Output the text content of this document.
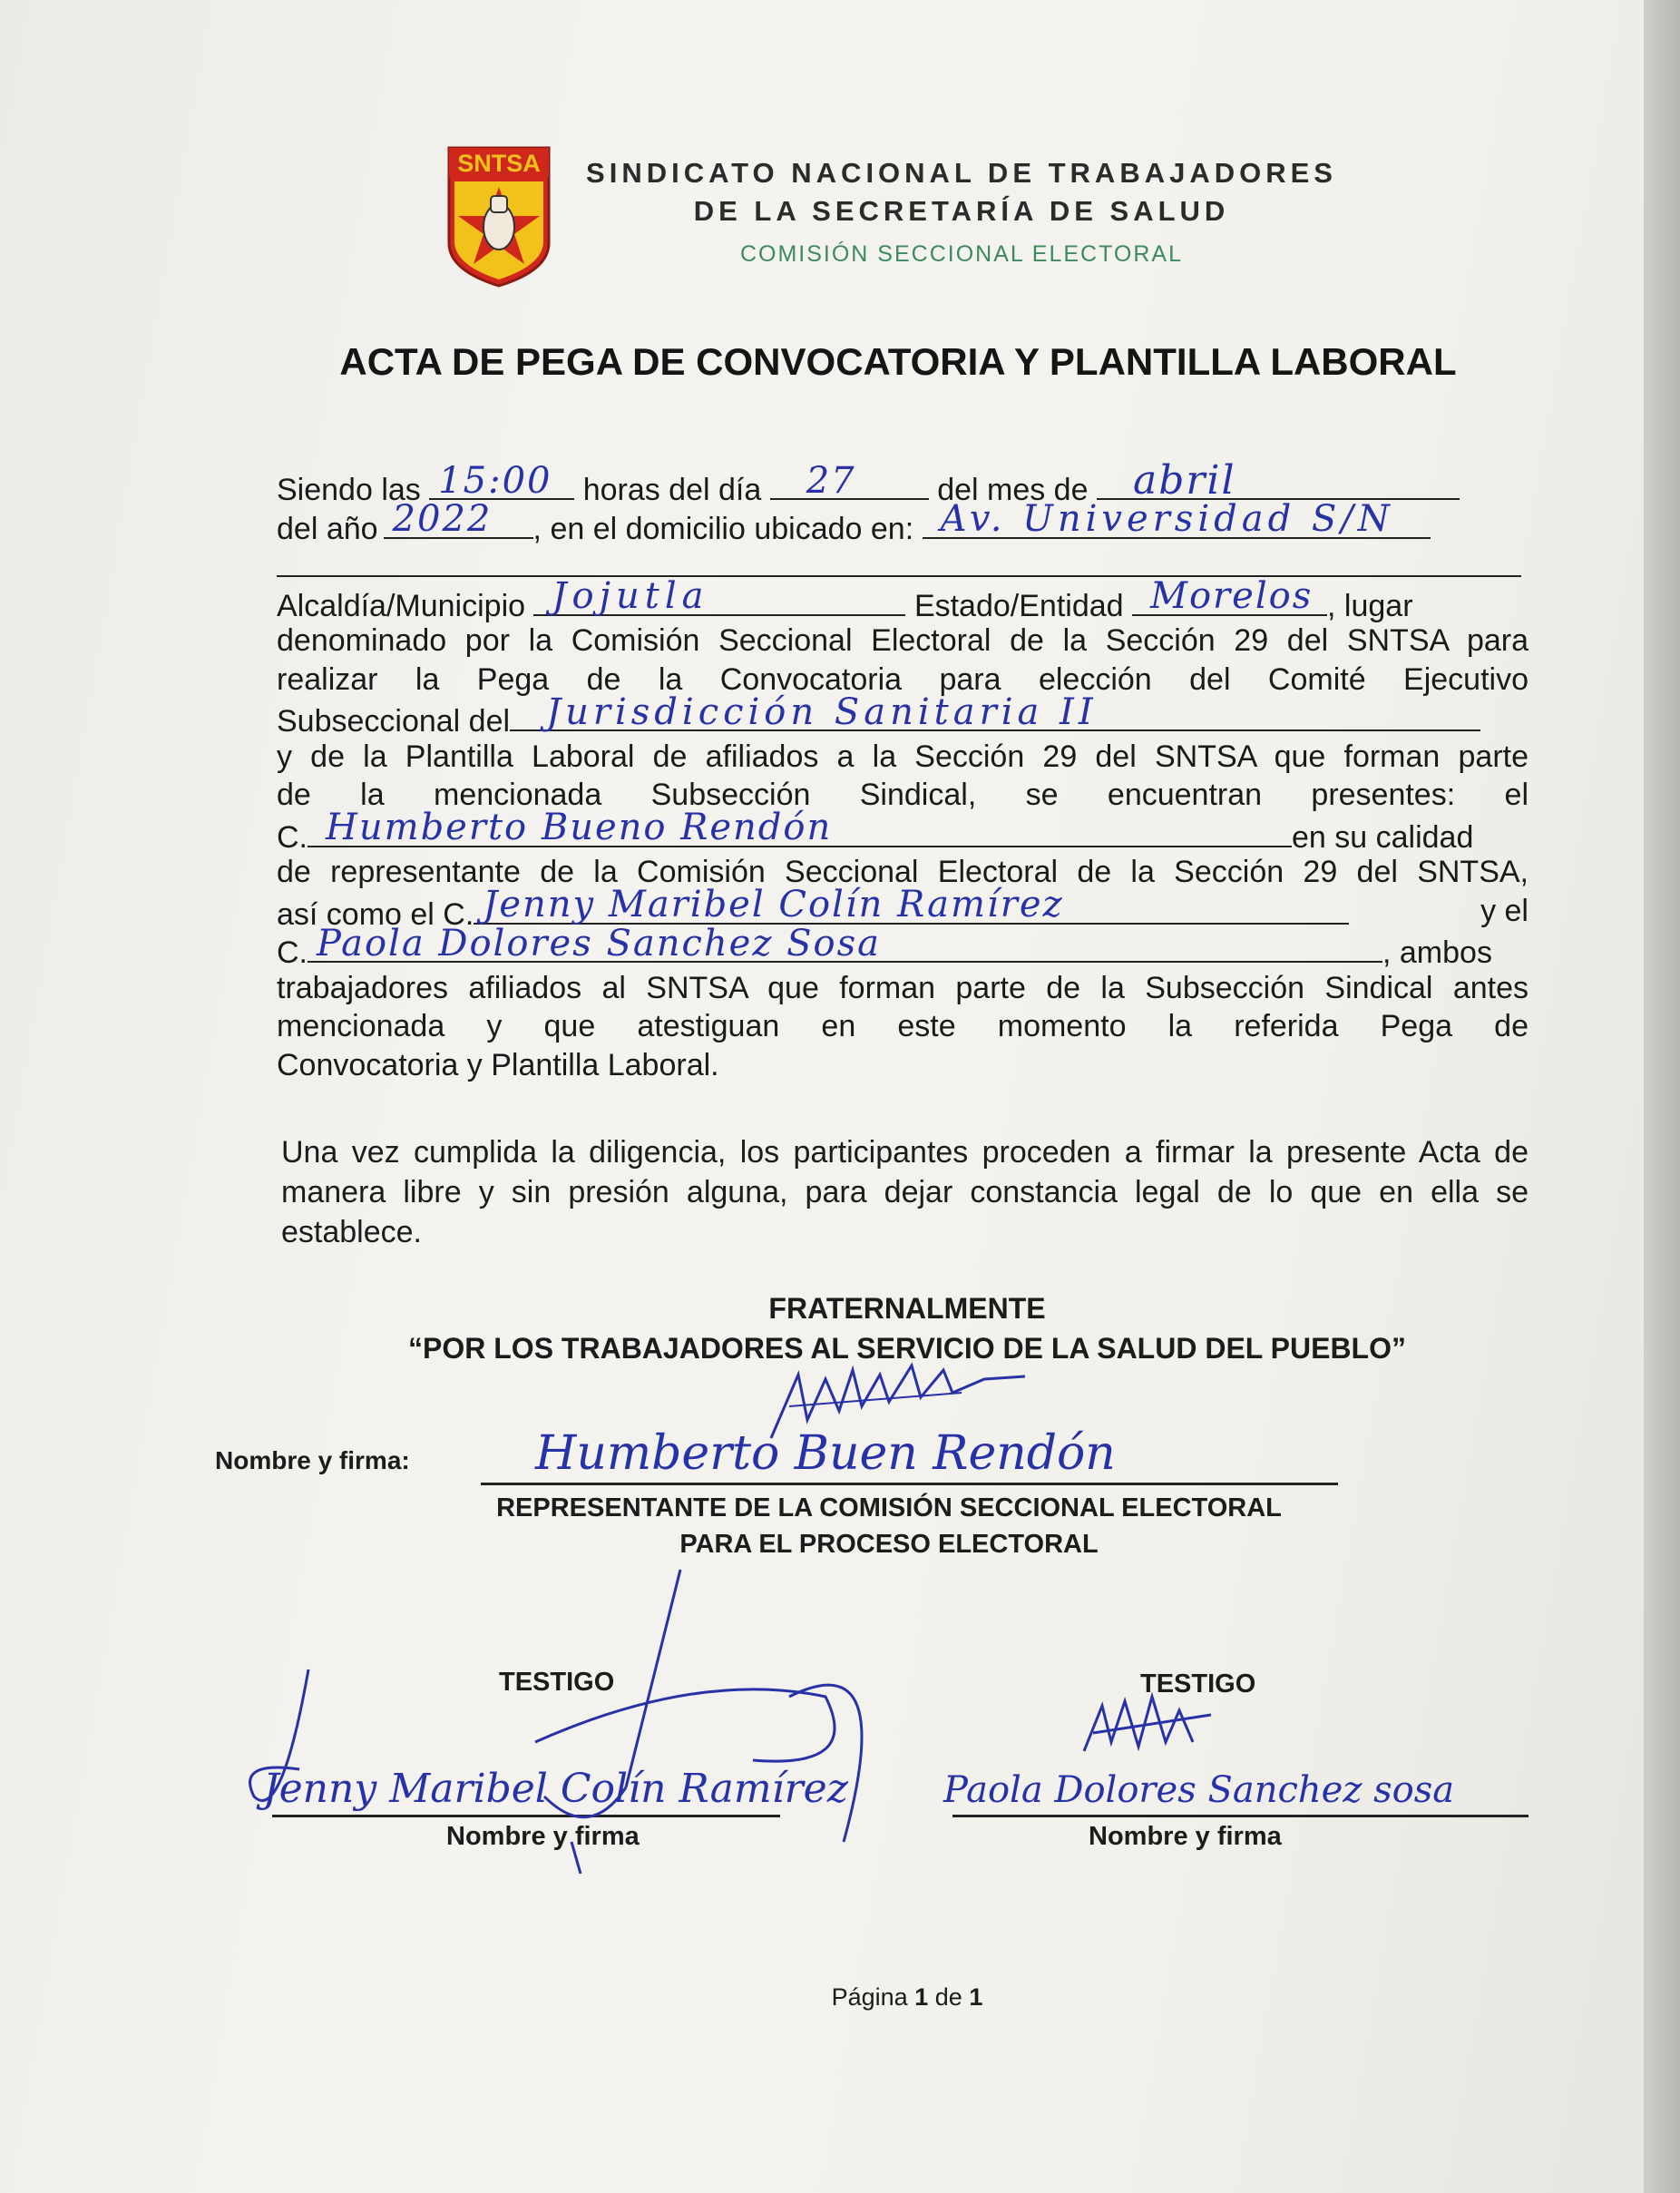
SNTSA SINDICATO NACIONAL DE TRABAJADORES
DE LA SECRETARÍA DE SALUD
COMISIÓN SECCIONAL ELECTORAL
ACTA DE PEGA DE CONVOCATORIA Y PLANTILLA LABORAL
Siendo las 15:00 horas del día 27	del mes de abril
del año 2022 , en el domicilio ubicado en: Av. Universidad S/N
Alcaldía/Municipio Jojutla	Estado/Entidad Morelos , lugar
denominado por la Comisión Seccional Electoral de la Sección 29 del SNTSA para
realizar la Pega de la Convocatoria para elección del Comité Ejecutivo
Subseccional del Jurisdicción Sanitaria II
y de la Plantilla Laboral de afiliados a la Sección 29 del SNTSA que forman parte
de la mencionada Subsección Sindical, se encuentran presentes: el
C. Humberto Bueno Rendón	en su calidad
de representante de la Comisión Seccional Electoral de la Sección 29 del SNTSA,
así como el C. Jenny Maribel Colín Ramírez	y el
C. Paola Dolores Sanchez Sosa	, ambos
trabajadores afiliados al SNTSA que forman parte de la Subsección Sindical antes
mencionada y que atestiguan en este momento la referida Pega de
Convocatoria y Plantilla Laboral.
Una vez cumplida la diligencia, los participantes proceden a firmar la presente Acta de manera libre y sin presión alguna, para dejar constancia legal de lo que en ella se establece.
FRATERNALMENTE
“POR LOS TRABAJADORES AL SERVICIO DE LA SALUD DEL PUEBLO”
Nombre y firma:	Humberto Buen Rendón
REPRESENTANTE DE LA COMISIÓN SECCIONAL ELECTORAL
PARA EL PROCESO ELECTORAL
TESTIGO	TESTIGO
Nombre y firma	Nombre y firma
Jenny Maribel Colín Ramírez	Paola Dolores Sanchez sosa
Página 1 de 1
